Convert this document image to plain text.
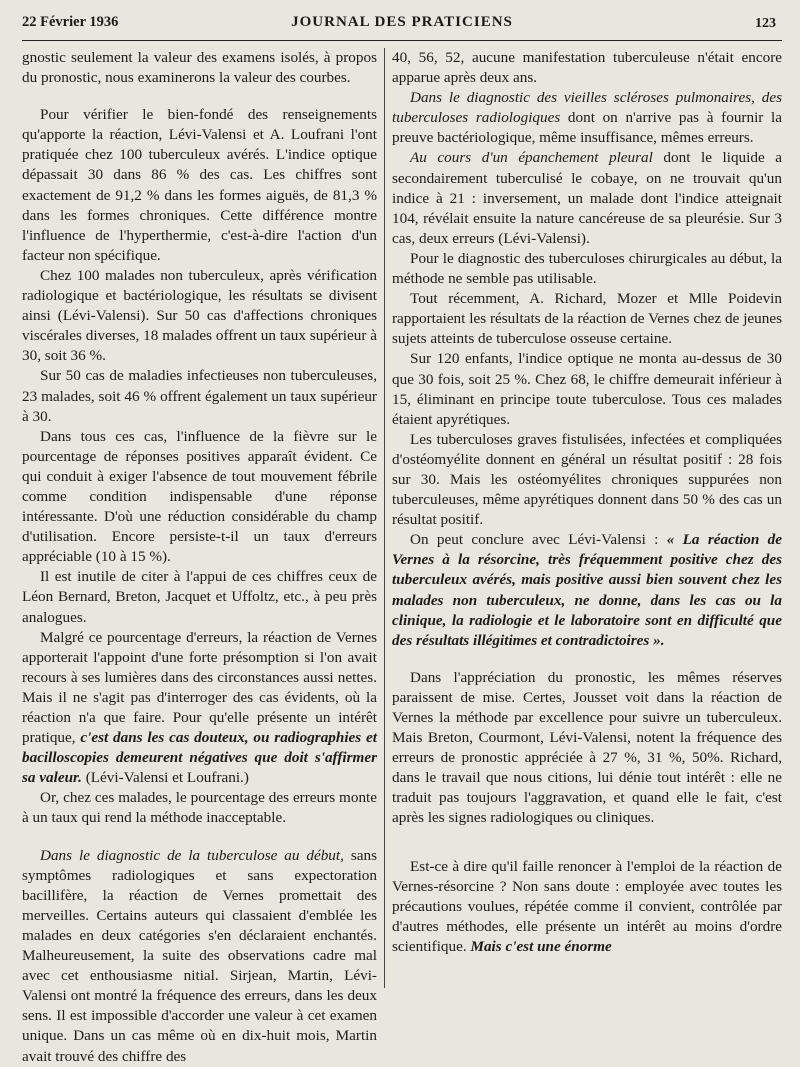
22 Février 1936	JOURNAL DES PRATICIENS	123

gnostic seulement la valeur des examens isolés, à propos du pronostic, nous examinerons la valeur des courbes.

Pour vérifier le bien-fondé des renseignements qu'apporte la réaction, Lévi-Valensi et A. Loufrani l'ont pratiquée chez 100 tuberculeux avérés. L'indice optique dépassait 30 dans 86 % des cas. Les chiffres sont exactement de 91,2 % dans les formes aiguës, de 81,3 % dans les formes chroniques. Cette différence montre l'influence de l'hyperthermie, c'est-à-dire l'action d'un facteur non spécifique.

Chez 100 malades non tuberculeux, après vérification radiologique et bactériologique, les résultats se divisent ainsi (Lévi-Valensi). Sur 50 cas d'affections chroniques viscérales diverses, 18 malades offrent un taux supérieur à 30, soit 36 %.

Sur 50 cas de maladies infectieuses non tuberculeuses, 23 malades, soit 46 % offrent également un taux supérieur à 30.

Dans tous ces cas, l'influence de la fièvre sur le pourcentage de réponses positives apparaît évident. Ce qui conduit à exiger l'absence de tout mouvement fébrile comme condition indispensable d'une réponse intéressante. D'où une réduction considérable du champ d'utilisation. Encore persiste-t-il un taux d'erreurs appréciable (10 à 15 %).

Il est inutile de citer à l'appui de ces chiffres ceux de Léon Bernard, Breton, Jacquet et Uffoltz, etc., à peu près analogues.

Malgré ce pourcentage d'erreurs, la réaction de Vernes apporterait l'appoint d'une forte présomption si l'on avait recours à ses lumières dans des circonstances aussi nettes. Mais il ne s'agit pas d'interroger des cas évidents, où la réaction n'a que faire. Pour qu'elle présente un intérêt pratique, c'est dans les cas douteux, ou radiographies et bacilloscopies demeurent négatives que doit s'affirmer sa valeur. (Lévi-Valensi et Loufrani.)

Or, chez ces malades, le pourcentage des erreurs monte à un taux qui rend la méthode inacceptable.

Dans le diagnostic de la tuberculose au début, sans symptômes radiologiques et sans expectoration bacillifère, la réaction de Vernes promettait des merveilles. Certains auteurs qui classaient d'emblée les malades en deux catégories s'en déclaraient enchantés. Malheureusement, la suite des observations cadre mal avec cet enthousiasme nitial. Sirjean, Martin, Lévi-Valensi ont montré la fréquence des erreurs, dans les deux sens. Il est impossible d'accorder une valeur à cet examen unique. Dans un cas même où en dix-huit mois, Martin avait trouvé des chiffre des

40, 56, 52, aucune manifestation tuberculeuse n'était encore apparue après deux ans.

Dans le diagnostic des vieilles scléroses pulmonaires, des tuberculoses radiologiques dont on n'arrive pas à fournir la preuve bactériologique, même insuffisance, mêmes erreurs.

Au cours d'un épanchement pleural dont le liquide a secondairement tuberculisé le cobaye, on ne trouvait qu'un indice à 21 : inversement, un malade dont l'indice atteignait 104, révélait ensuite la nature cancéreuse de sa pleurésie. Sur 3 cas, deux erreurs (Lévi-Valensi).

Pour le diagnostic des tuberculoses chirurgicales au début, la méthode ne semble pas utilisable.

Tout récemment, A. Richard, Mozer et Mlle Poidevin rapportaient les résultats de la réaction de Vernes chez de jeunes sujets atteints de tuberculose osseuse certaine.

Sur 120 enfants, l'indice optique ne monta au-dessus de 30 que 30 fois, soit 25 %. Chez 68, le chiffre demeurait inférieur à 15, éliminant en principe toute tuberculose. Tous ces malades étaient apyrétiques.

Les tuberculoses graves fistulisées, infectées et compliquées d'ostéomyélite donnent en général un résultat positif : 28 fois sur 30. Mais les ostéomyélites chroniques suppurées non tuberculeuses, même apyrétiques donnent dans 50 % des cas un résultat positif.

On peut conclure avec Lévi-Valensi : « La réaction de Vernes à la résorcine, très fréquemment positive chez des tuberculeux avérés, mais positive aussi bien souvent chez les malades non tuberculeux, ne donne, dans les cas ou la clinique, la radiologie et le laboratoire sont en difficulté que des résultats illégitimes et contradictoires ».

Dans l'appréciation du pronostic, les mêmes réserves paraissent de mise. Certes, Jousset voit dans la réaction de Vernes la méthode par excellence pour suivre un tuberculeux. Mais Breton, Courmont, Lévi-Valensi, notent la fréquence des erreurs de pronostic appréciée à 27 %, 31 %, 50%. Richard, dans le travail que nous citions, lui dénie tout intérêt : elle ne traduit pas toujours l'aggravation, et quand elle le fait, c'est après les signes radiologiques ou cliniques.

Est-ce à dire qu'il faille renoncer à l'emploi de la réaction de Vernes-résorcine ? Non sans doute : employée avec toutes les précautions voulues, répétée comme il convient, contrôlée par d'autres méthodes, elle présente un intérêt au moins d'ordre scientifique. Mais c'est une énorme
